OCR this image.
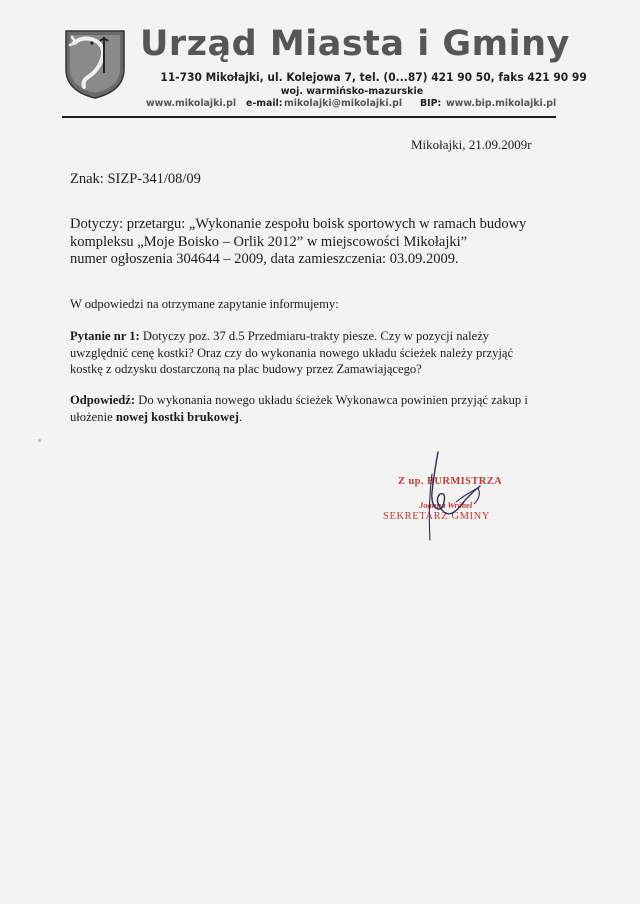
Urząd Miasta i Gminy
11-730 Mikołajki, ul. Kolejowa 7, tel. (0...87) 421 90 50, faks 421 90 99
woj. warmińsko-mazurskie
www.mikolajki.pl e-mail: mikolajki@mikolajki.pl BIP: www.bip.mikolajki.pl
Mikołajki, 21.09.2009r
Znak: SIZP-341/08/09
Dotyczy: przetargu: „Wykonanie zespołu boisk sportowych w ramach budowy
kompleksu „Moje Boisko – Orlik 2012” w miejscowości Mikołajki”
numer ogłoszenia 304644 – 2009, data zamieszczenia: 03.09.2009.
W odpowiedzi na otrzymane zapytanie informujemy:
Pytanie nr 1: Dotyczy poz. 37 d.5 Przedmiaru-trakty piesze. Czy w pozycji należy
uwzględnić cenę kostki? Oraz czy do wykonania nowego układu ścieżek należy przyjąć
kostkę z odzysku dostarczoną na plac budowy przez Zamawiającego?
Odpowiedź: Do wykonania nowego układu ścieżek Wykonawca powinien przyjąć zakup i
ułożenie nowej kostki brukowej.
Z up. BURMISTRZA
Joanna Wróbel
SEKRETARZ GMINY
